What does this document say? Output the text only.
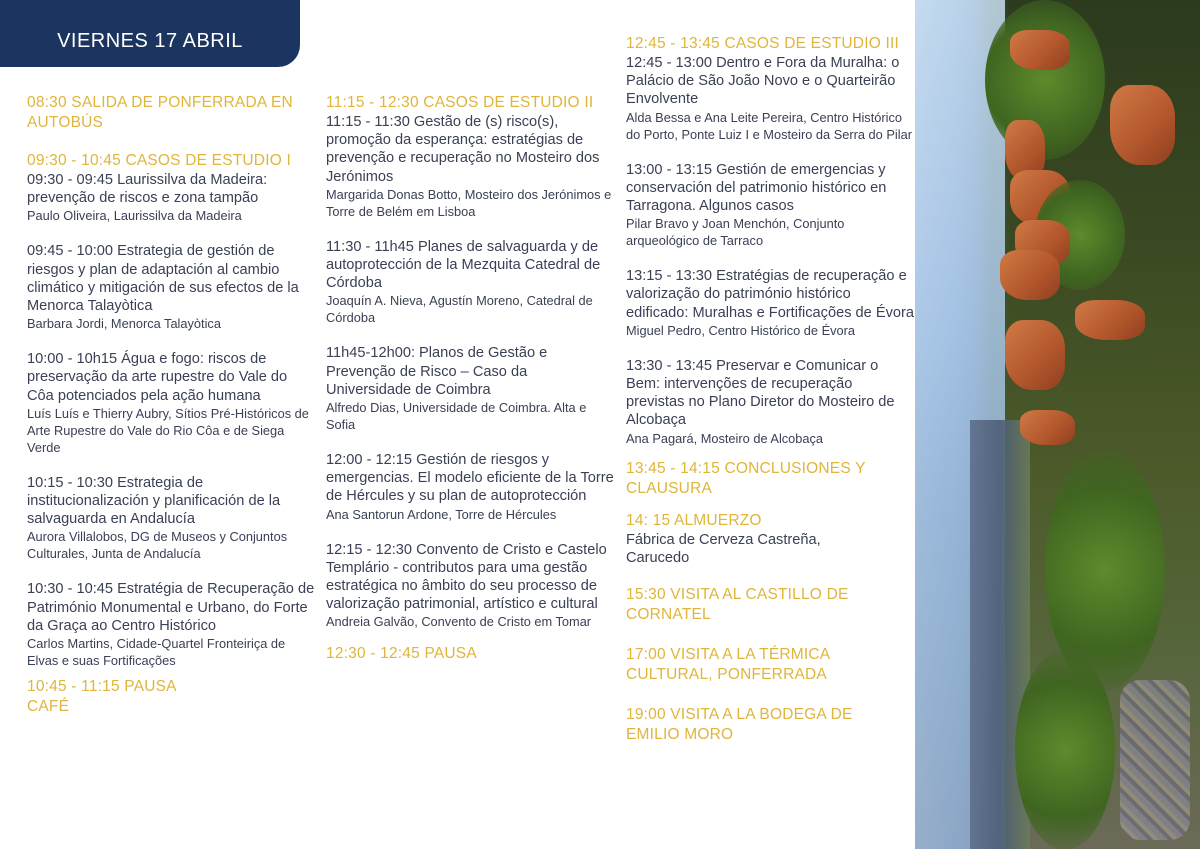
VIERNES 17 ABRIL
08:30 SALIDA DE PONFERRADA EN AUTOBÚS
09:30 - 10:45 CASOS DE ESTUDIO I
09:30 - 09:45 Laurissilva da Madeira: prevenção de riscos e zona tampão
Paulo Oliveira, Laurissilva da Madeira
09:45 - 10:00 Estrategia de gestión de riesgos y plan de adaptación al cambio climático y mitigación de sus efectos de la Menorca Talayòtica
Barbara Jordi, Menorca Talayòtica
10:00 - 10h15 Água e fogo: riscos de preservação da arte rupestre do Vale do Côa potenciados pela ação humana
Luís Luís e Thierry Aubry, Sítios Pré-Históricos de Arte Rupestre do Vale do Rio Côa e de Siega Verde
10:15 - 10:30 Estrategia de institucionalización y planificación de la salvaguarda en Andalucía
Aurora Villalobos, DG de Museos y Conjuntos Culturales, Junta de Andalucía
10:30 - 10:45 Estratégia de Recuperação de Património Monumental e Urbano, do Forte da Graça ao Centro Histórico
Carlos Martins, Cidade-Quartel Fronteiriça de Elvas e suas Fortificações
10:45 - 11:15 PAUSA CAFÉ
11:15 - 12:30 CASOS DE ESTUDIO II
11:15 - 11:30 Gestão de (s) risco(s), promoção da esperança: estratégias de prevenção e recuperação no Mosteiro dos Jerónimos
Margarida Donas Botto, Mosteiro dos Jerónimos e Torre de Belém em Lisboa
11:30 - 11h45 Planes de salvaguarda y de autoprotección de la Mezquita Catedral de Córdoba
Joaquín A. Nieva, Agustín Moreno, Catedral de Córdoba
11h45-12h00: Planos de Gestão e Prevenção de Risco – Caso da Universidade de Coimbra
Alfredo Dias, Universidade de Coimbra. Alta e Sofia
12:00 - 12:15 Gestión de riesgos y emergencias. El modelo eficiente de la Torre de Hércules y su plan de autoprotección
Ana Santorun Ardone, Torre de Hércules
12:15 - 12:30 Convento de Cristo e Castelo Templário - contributos para uma gestão estratégica no âmbito do seu processo de valorização patrimonial, artístico e cultural
Andreia Galvão, Convento de Cristo em Tomar
12:30 - 12:45 PAUSA
12:45 - 13:45 CASOS DE ESTUDIO III
12:45 - 13:00 Dentro e Fora da Muralha: o Palácio de São João Novo e o Quarteirão Envolvente
Alda Bessa e Ana Leite Pereira, Centro Histórico do Porto, Ponte Luiz I e Mosteiro da Serra do Pilar
13:00 - 13:15 Gestión de emergencias y conservación del patrimonio histórico en Tarragona. Algunos casos
Pilar Bravo y Joan Menchón, Conjunto arqueológico de Tarraco
13:15 - 13:30 Estratégias de recuperação e valorização do património histórico edificado: Muralhas e Fortificações de Évora
Miguel Pedro, Centro Histórico de Évora
13:30 - 13:45 Preservar e Comunicar o Bem: intervenções de recuperação previstas no Plano Diretor do Mosteiro de Alcobaça
Ana Pagará, Mosteiro de Alcobaça
13:45 - 14:15 CONCLUSIONES Y CLAUSURA
14: 15 ALMUERZO
Fábrica de Cerveza Castreña, Carucedo
15:30 VISITA AL CASTILLO DE CORNATEL
17:00 VISITA A LA TÉRMICA CULTURAL, PONFERRADA
19:00 VISITA A LA BODEGA DE EMILIO MORO
